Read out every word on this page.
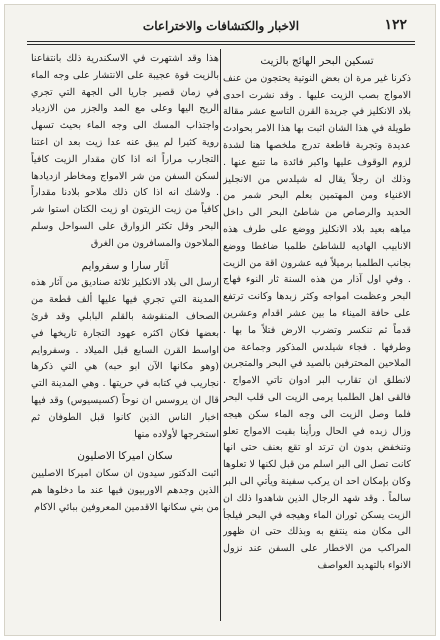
١٢٢
الاخبار والكتشافات والاختراعات
تسكين البحر الهائج بالزيت

ذكرنا غير مرة ان بعض النوتية يحتجون من عنف الامواج بصب الزيت عليها . وقد نشرت احدى بلاد الانكليز في جريدة القرن التاسع عشر مقالة طويلة في هذا الشان اثبت بها هذا الامر بحوادث عديدة وتجربة قاطعة تدرج ملخصها هنا لشدة لزوم الوقوف عليها واكبر فائدة ما تتبع عنها . وذلك ان رجلاً يقال له شيلدس من الانجليز الاغنياء ومن المهتمين بعلم البحر شمر من الحديد والرصاص من شاطئ البحر الى داخل مياهه بعيد بلاد الانكليز ووضع على طرف هذه الانابيب الهاديه للشاطئ طلمبا ضاغطا ووضع بجانب الطلمبا برميلاً فيه عشرون اقة من الزيت . وفي اول آذار من هذه السنة ثار النوء فهاج البحر وعظمت امواجه وكثر زبدها وكانت ترتفع على حافة الميناء ما بين عشر اقدام وعشرين قدماً ثم تنكسر وتضرب الارض فتلاً ما بها . وطرفها . فجاء شيلدس المذكور وجماعة من الملاحين المحترفين بالصيد في البحر والمتجرين لانطلق ان تقارب البر ادوان تاتي الامواج . فالقى اهل الطلمبا يرمى الزيت الى قلب البحر فلما وصل الزيت الى وجه الماء سكن هيجه وزال زبده في الحال ورأينا بقيت الامواج تعلو وتنخفض بدون ان ترتد او تقع بعنف حتى انها كانت تصل الى البر اسلم من قبل لكنها لا تعلوها وكان بإمكان احد ان يركب سفينة ويأتي الى البر سالماً . وقد شهد الرجال الذين شاهدوا ذلك ان الزيت يسكن ثوران الماء وهيجه في البحر فيلجأ الى مكان منه ينتفع به وبذلك حتى ان ظهور المراكب من الاخطار على السفن عند نزول الانواء بالتهديد العواصف

هذا وقد اشتهرت في الاسكندرية ذلك بانتفاعنا بالزيت قوة عجيبة على الانتشار على وجه الماء في زمان قصير جاريا الى الجهة التي تجري الريح اليها وعلى مع المد والجزر من الازدياد واجتذاب المسك الى وجه الماء بحيث تسهل روية كثيرا لم يبق عنه عدا زيت بعد ان اعتنا التجارب مراراً انه اذا كان مقدار الزيت كافياً لسكن السفن من شر الامواج ومخاطر ازديادها . ولاشك انه اذا كان ذلك ملاحو بلادنا مقداراً كافياً من زيت الزيتون او زيت الكتان استوا شر البحر وقل تكثر الزوارق على السواحل وسلم الملاحون والمسافرون من الغرق

آثار سارا و سفروايم

ارسل الى بلاد الانكليز ثلاثة صناديق من آثار هذه المدينة التي تجري فيها عليها ألف قطعة من الصحاف المنقوشة بالقلم البابلي وقد قرئ بعضها فكان اكثره عهود التجارة تاريخها في اواسط القرن السابع قبل الميلاد . وسفروايم (وهو مكانها الآن ابو حبه) هي التي ذكرها نجاريب في كتابه في حريتها . وهي المدينة التي قال ان يروسس ان نوحاً (كسيسيوس) وقد فيها اخبار الناس الذين كانوا قبل الطوفان ثم استخرجها لأولاده منها

سكان اميركا الاصليون

اثبت الدكتور سيدون ان سكان اميركا الاصليين الذين وجدهم الاوربيون فيها عند ما دخلوها هم من بني سكانها الاقدمين المعروفين ببائي الاكام
